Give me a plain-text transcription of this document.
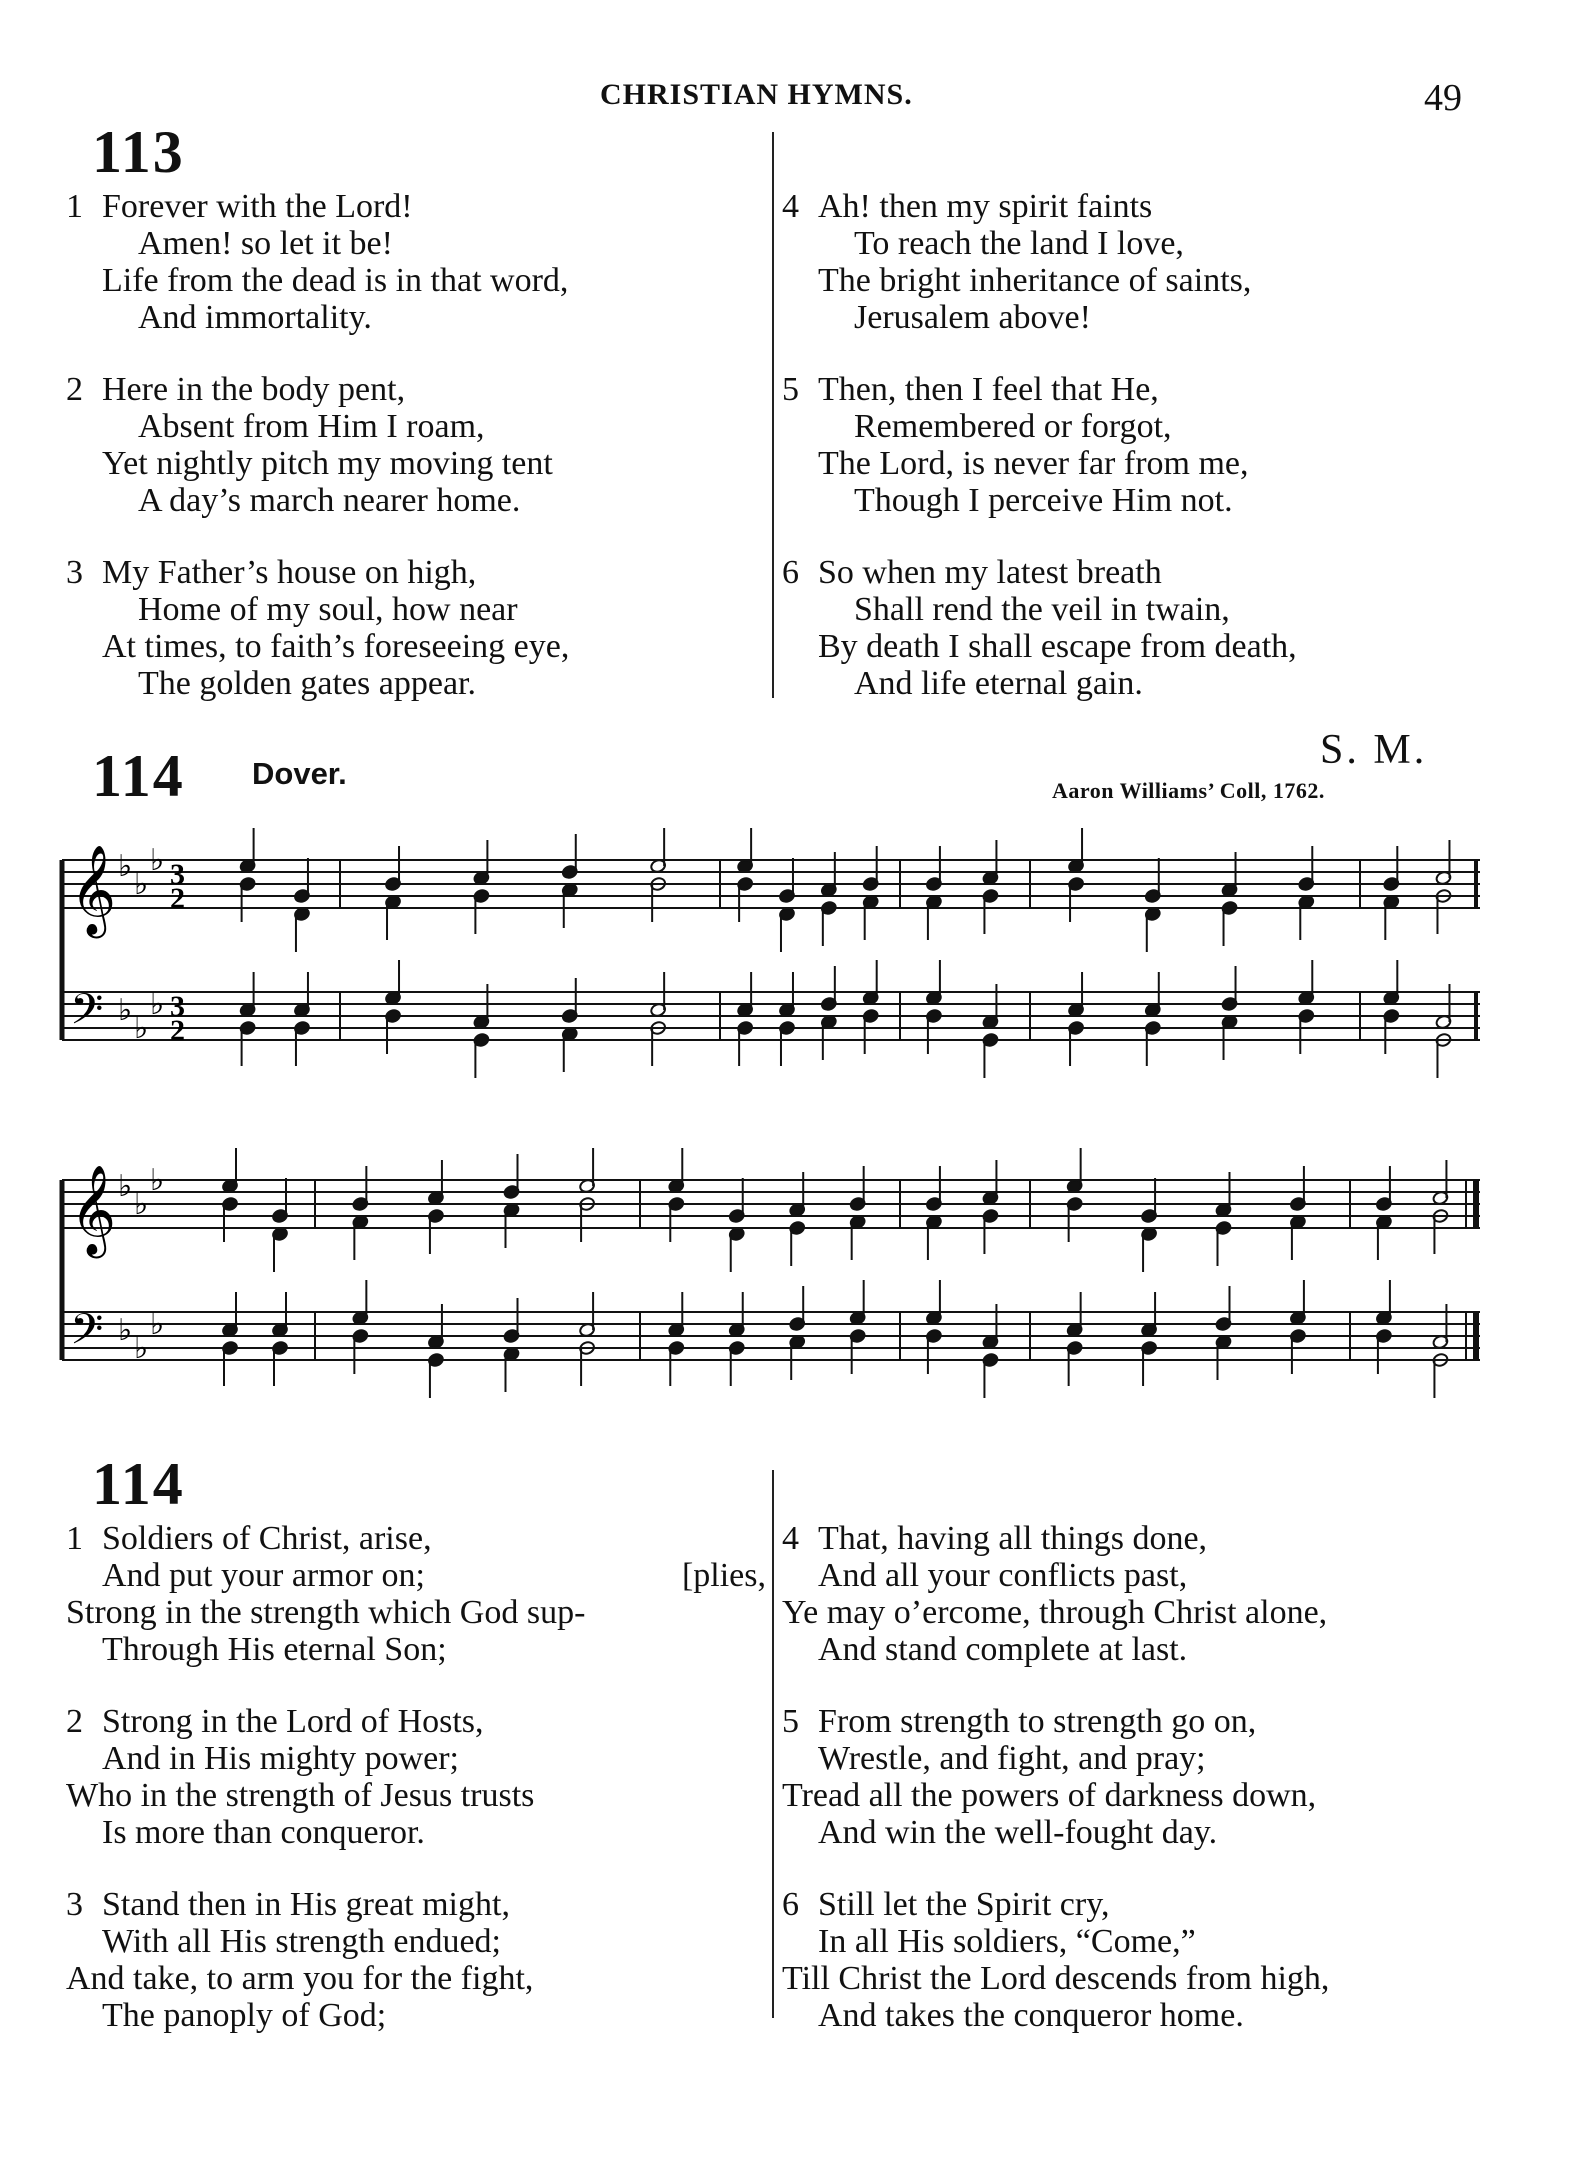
CHRISTIAN HYMNS.	49
113
1 Forever with the Lord!
Amen! so let it be!
Life from the dead is in that word,
And immortality.
2 Here in the body pent,
Absent from Him I roam,
Yet nightly pitch my moving tent
A day’s march nearer home.
3 My Father’s house on high,
Home of my soul, how near
At times, to faith’s foreseeing eye,
The golden gates appear.
4 Ah! then my spirit faints
To reach the land I love,
The bright inheritance of saints,
Jerusalem above!
5 Then, then I feel that He,
Remembered or forgot,
The Lord, is never far from me,
Though I perceive Him not.
6 So when my latest breath
Shall rend the veil in twain,
By death I shall escape from death,
And life eternal gain.
114 Dover.
S. M.
Aaron Williams’ Coll, 1762.
𝄞
𝄢
♭
♭
♭
♭
♭
♭
3
2
3
2
𝄞
𝄢
♭
♭
♭
♭
♭
♭
114
1 Soldiers of Christ, arise,
And put your armor on;	[plies,
Strong in the strength which God sup-
Through His eternal Son;
2 Strong in the Lord of Hosts,
And in His mighty power;
Who in the strength of Jesus trusts
Is more than conqueror.
3 Stand then in His great might,
With all His strength endued;
And take, to arm you for the fight,
The panoply of God;
4 That, having all things done,
And all your conflicts past,
Ye may o’ercome, through Christ alone,
And stand complete at last.
5 From strength to strength go on,
Wrestle, and fight, and pray;
Tread all the powers of darkness down,
And win the well-fought day.
6 Still let the Spirit cry,
In all His soldiers, “Come,”
Till Christ the Lord descends from high,
And takes the conqueror home.
